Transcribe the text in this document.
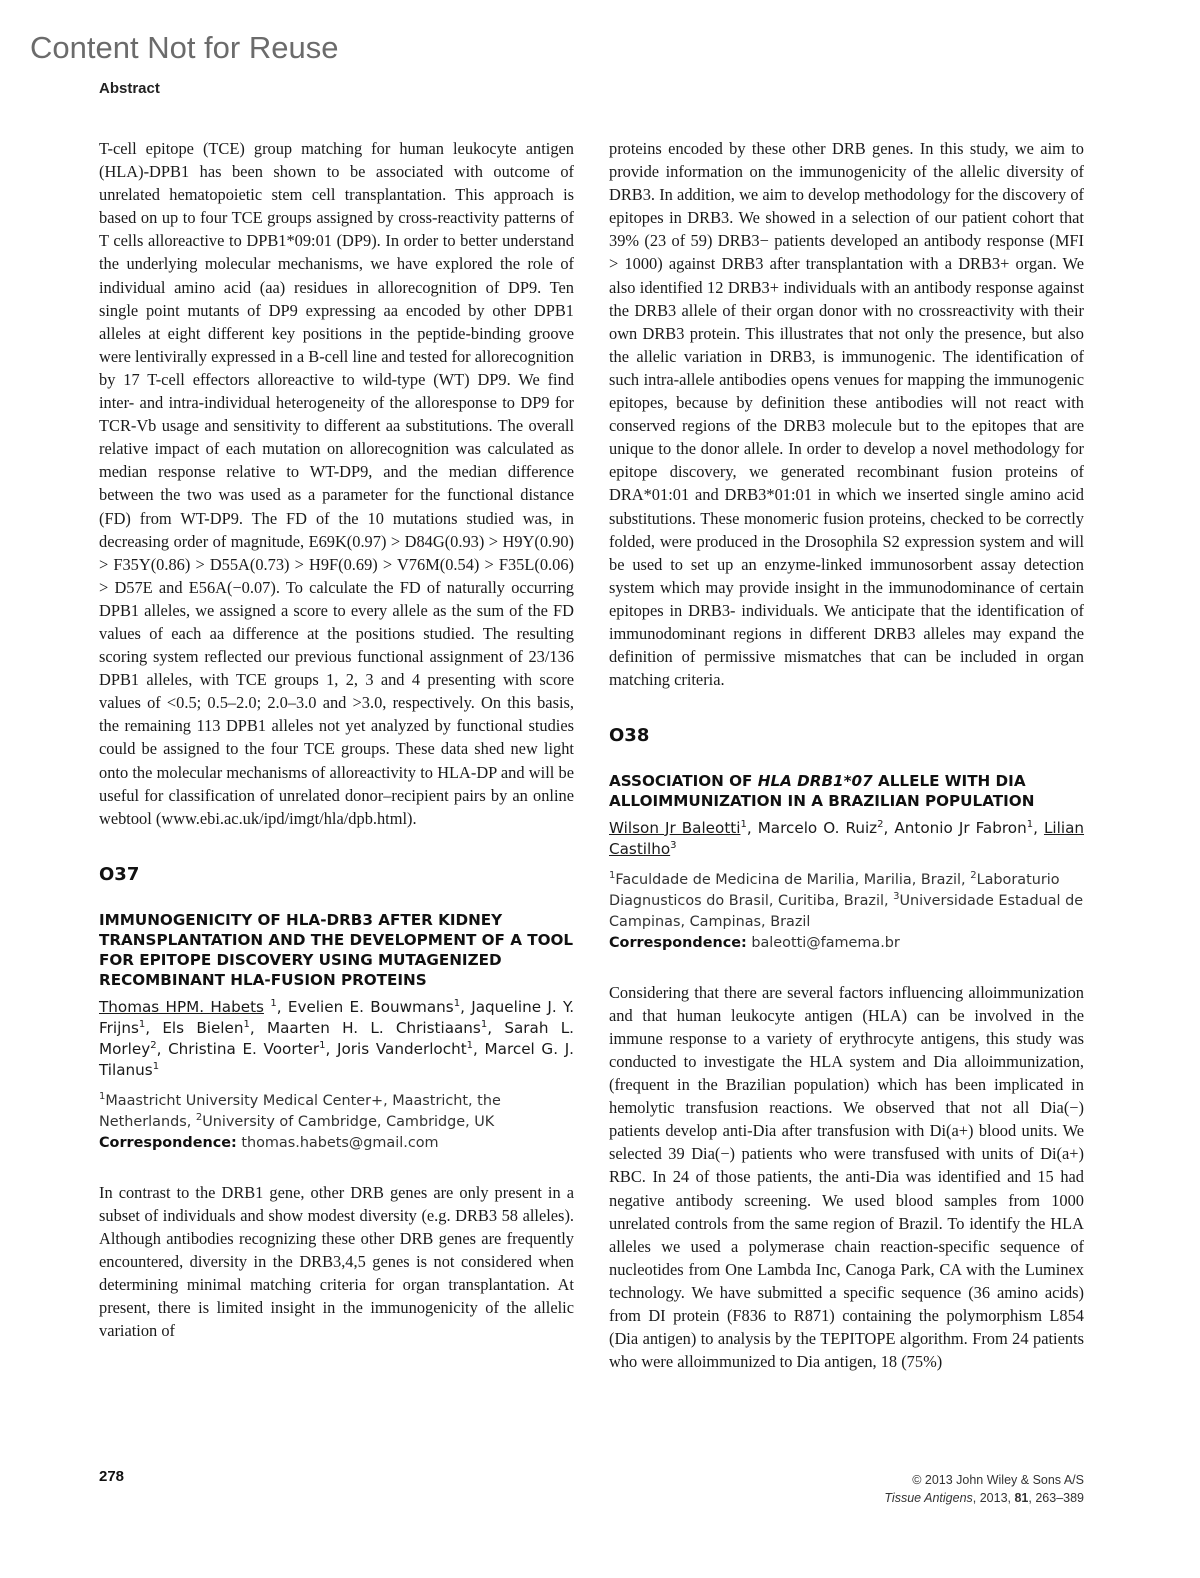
Content Not for Reuse
Abstract

T-cell epitope (TCE) group matching for human leukocyte antigen (HLA)-DPB1 has been shown to be associated with outcome of unrelated hematopoietic stem cell transplantation. This approach is based on up to four TCE groups assigned by cross-reactivity patterns of T cells alloreactive to DPB1*09:01 (DP9). In order to better understand the underlying molecular mechanisms, we have explored the role of individual amino acid (aa) residues in allorecognition of DP9. Ten single point mutants of DP9 expressing aa encoded by other DPB1 alleles at eight different key positions in the peptide-binding groove were lentivirally expressed in a B-cell line and tested for allorecognition by 17 T-cell effectors alloreactive to wild-type (WT) DP9. We find inter- and intra-individual heterogeneity of the alloresponse to DP9 for TCR-Vb usage and sensitivity to different aa substitutions. The overall relative impact of each mutation on allorecognition was calculated as median response relative to WT-DP9, and the median difference between the two was used as a parameter for the functional distance (FD) from WT-DP9. The FD of the 10 mutations studied was, in decreasing order of magnitude, E69K(0.97) > D84G(0.93) > H9Y(0.90) > F35Y(0.86) > D55A(0.73) > H9F(0.69) > V76M(0.54) > F35L(0.06) > D57E and E56A(−0.07). To calculate the FD of naturally occurring DPB1 alleles, we assigned a score to every allele as the sum of the FD values of each aa difference at the positions studied. The resulting scoring system reflected our previous functional assignment of 23/136 DPB1 alleles, with TCE groups 1, 2, 3 and 4 presenting with score values of <0.5; 0.5–2.0; 2.0–3.0 and >3.0, respectively. On this basis, the remaining 113 DPB1 alleles not yet analyzed by functional studies could be assigned to the four TCE groups. These data shed new light onto the molecular mechanisms of alloreactivity to HLA-DP and will be useful for classification of unrelated donor–recipient pairs by an online webtool (www.ebi.ac.uk/ipd/imgt/hla/dpb.html).

O37

IMMUNOGENICITY OF HLA-DRB3 AFTER KIDNEY TRANSPLANTATION AND THE DEVELOPMENT OF A TOOL FOR EPITOPE DISCOVERY USING MUTAGENIZED RECOMBINANT HLA-FUSION PROTEINS

Thomas HPM. Habets $^1$, Evelien E. Bouwmans$^1$, Jaqueline J. Y. Frijns$^1$, Els Bielen$^1$, Maarten H. L. Christiaans$^1$, Sarah L. Morley$^2$, Christina E. Voorter$^1$, Joris Vanderlocht$^1$, Marcel G. J. Tilanus$^1$

$^1$Maastricht University Medical Center+, Maastricht, the Netherlands, $^2$University of Cambridge, Cambridge, UK

Correspondence: thomas.habets@gmail.com

In contrast to the DRB1 gene, other DRB genes are only present in a subset of individuals and show modest diversity (e.g. DRB3 58 alleles). Although antibodies recognizing these other DRB genes are frequently encountered, diversity in the DRB3,4,5 genes is not considered when determining minimal matching criteria for organ transplantation. At present, there is limited insight in the immunogenicity of the allelic variation of

proteins encoded by these other DRB genes. In this study, we aim to provide information on the immunogenicity of the allelic diversity of DRB3. In addition, we aim to develop methodology for the discovery of epitopes in DRB3. We showed in a selection of our patient cohort that 39% (23 of 59) DRB3− patients developed an antibody response (MFI > 1000) against DRB3 after transplantation with a DRB3+ organ. We also identified 12 DRB3+ individuals with an antibody response against the DRB3 allele of their organ donor with no crossreactivity with their own DRB3 protein. This illustrates that not only the presence, but also the allelic variation in DRB3, is immunogenic. The identification of such intra-allele antibodies opens venues for mapping the immunogenic epitopes, because by definition these antibodies will not react with conserved regions of the DRB3 molecule but to the epitopes that are unique to the donor allele. In order to develop a novel methodology for epitope discovery, we generated recombinant fusion proteins of DRA*01:01 and DRB3*01:01 in which we inserted single amino acid substitutions. These monomeric fusion proteins, checked to be correctly folded, were produced in the Drosophila S2 expression system and will be used to set up an enzyme-linked immunosorbent assay detection system which may provide insight in the immunodominance of certain epitopes in DRB3- individuals. We anticipate that the identification of immunodominant regions in different DRB3 alleles may expand the definition of permissive mismatches that can be included in organ matching criteria.

O38

ASSOCIATION OF HLA DRB1*07 ALLELE WITH DIA ALLOIMMUNIZATION IN A BRAZILIAN POPULATION

Wilson Jr Baleotti$^1$, Marcelo O. Ruiz$^2$, Antonio Jr Fabron$^1$, Lilian Castilho$^3$

$^1$Faculdade de Medicina de Marilia, Marilia, Brazil, $^2$Laboraturio Diagnusticos do Brasil, Curitiba, Brazil, $^3$Universidade Estadual de Campinas, Campinas, Brazil

Correspondence: baleotti@famema.br

Considering that there are several factors influencing alloimmunization and that human leukocyte antigen (HLA) can be involved in the immune response to a variety of erythrocyte antigens, this study was conducted to investigate the HLA system and Dia alloimmunization, (frequent in the Brazilian population) which has been implicated in hemolytic transfusion reactions. We observed that not all Dia(−) patients develop anti-Dia after transfusion with Di(a+) blood units. We selected 39 Dia(−) patients who were transfused with units of Di(a+) RBC. In 24 of those patients, the anti-Dia was identified and 15 had negative antibody screening. We used blood samples from 1000 unrelated controls from the same region of Brazil. To identify the HLA alleles we used a polymerase chain reaction-specific sequence of nucleotides from One Lambda Inc, Canoga Park, CA with the Luminex technology. We have submitted a specific sequence (36 amino acids) from DI protein (F836 to R871) containing the polymorphism L854 (Dia antigen) to analysis by the TEPITOPE algorithm. From 24 patients who were alloimmunized to Dia antigen, 18 (75%)

278	© 2013 John Wiley & Sons A/S
Tissue Antigens, 2013, 81, 263–389
